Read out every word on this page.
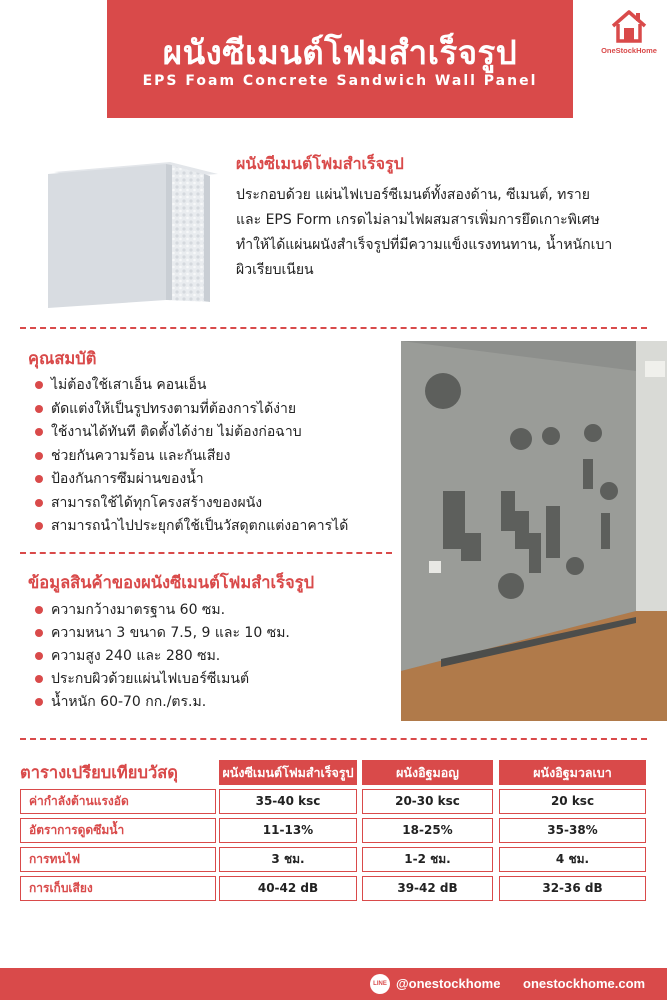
ผนังซีเมนต์โฟมสำเร็จรูป
EPS Foam Concrete Sandwich Wall Panel
OneStockHome
ผนังซีเมนต์โฟมสำเร็จรูป
ประกอบด้วย แผ่นไฟเบอร์ซีเมนต์ทั้งสองด้าน, ซีเมนต์, ทราย
และ EPS Form เกรดไม่ลามไฟผสมสารเพิ่มการยึดเกาะพิเศษ
ทำให้ได้แผ่นผนังสำเร็จรูปที่มีความแข็งแรงทนทาน, น้ำหนักเบา
ผิวเรียบเนียน
คุณสมบัติ
ไม่ต้องใช้เสาเอ็น คอนเอ็น
ตัดแต่งให้เป็นรูปทรงตามที่ต้องการได้ง่าย
ใช้งานได้ทันที ติดตั้งได้ง่าย ไม่ต้องก่อฉาบ
ช่วยกันความร้อน และกันเสียง
ป้องกันการซึมผ่านของน้ำ
สามารถใช้ได้ทุกโครงสร้างของผนัง
สามารถนำไปประยุกต์ใช้เป็นวัสดุตกแต่งอาคารได้
ข้อมูลสินค้าของผนังซีเมนต์โฟมสำเร็จรูป
ความกว้างมาตรฐาน 60 ซม.
ความหนา 3 ขนาด 7.5, 9 และ 10 ซม.
ความสูง 240 และ 280 ซม.
ประกบผิวด้วยแผ่นไฟเบอร์ซีเมนต์
น้ำหนัก 60-70 กก./ตร.ม.
ตารางเปรียบเทียบวัสดุ	ผนังซีเมนต์โฟมสำเร็จรูป	ผนังอิฐมอญ	ผนังอิฐมวลเบา
ค่ากำลังต้านแรงอัด	35-40 ksc	20-30 ksc	20 ksc
อัตราการดูดซึมน้ำ	11-13%	18-25%	35-38%
การทนไฟ	3 ชม.	1-2 ชม.	4 ชม.
การเก็บเสียง	40-42 dB	39-42 dB	32-36 dB
LINE @onestockhome onestockhome.com
